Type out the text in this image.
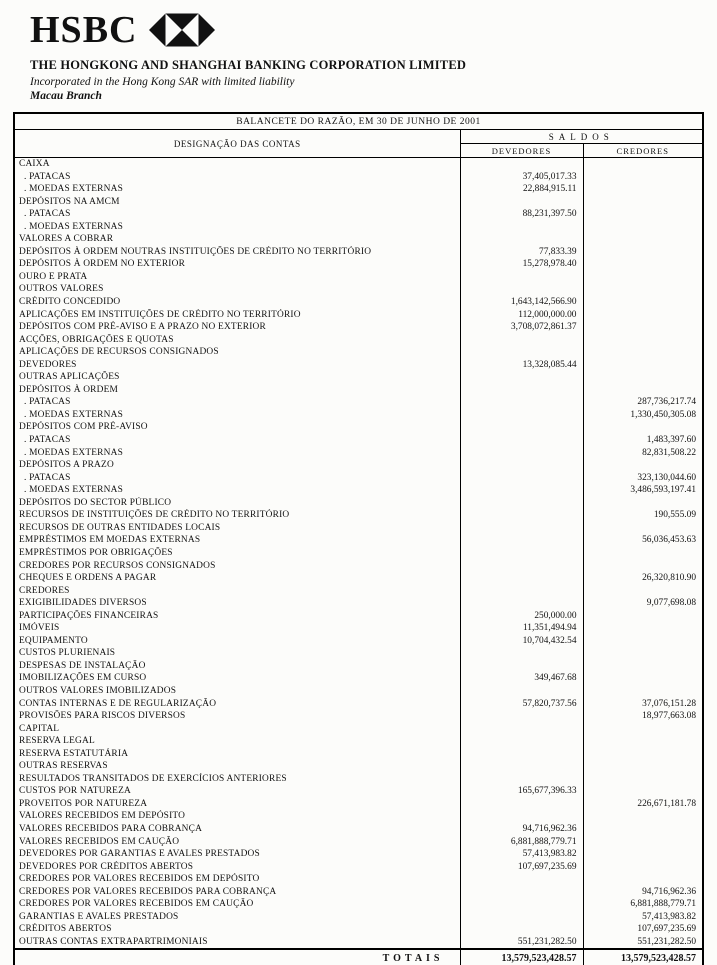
HSBC
THE HONGKONG AND SHANGHAI BANKING CORPORATION LIMITED
Incorporated in the Hong Kong SAR with limited liability
Macau Branch
BALANCETE DO RAZÃO, EM 30 DE JUNHO DE 2001		
DESIGNAÇÃO DAS CONTAS	SALDOS	
	DEVEDORES	CREDORES
CAIXA		
. PATACAS	37,405,017.33	
. MOEDAS EXTERNAS	22,884,915.11	
DEPÓSITOS NA AMCM		
. PATACAS	88,231,397.50	
. MOEDAS EXTERNAS		
VALORES A COBRAR		
DEPÓSITOS À ORDEM NOUTRAS INSTITUIÇÕES DE CRÉDITO NO TERRITÓRIO	77,833.39	
DEPÓSITOS À ORDEM NO EXTERIOR	15,278,978.40	
OURO E PRATA		
OUTROS VALORES		
CRÉDITO CONCEDIDO	1,643,142,566.90	
APLICAÇÕES EM INSTITUIÇÕES DE CRÉDITO NO TERRITÓRIO	112,000,000.00	
DEPÓSITOS COM PRÉ-AVISO E A PRAZO NO EXTERIOR	3,708,072,861.37	
ACÇÕES, OBRIGAÇÕES E QUOTAS		
APLICAÇÕES DE RECURSOS CONSIGNADOS		
DEVEDORES	13,328,085.44	
OUTRAS APLICAÇÕES		
DEPÓSITOS À ORDEM		
. PATACAS		287,736,217.74
. MOEDAS EXTERNAS		1,330,450,305.08
DEPÓSITOS COM PRÉ-AVISO		
. PATACAS		1,483,397.60
. MOEDAS EXTERNAS		82,831,508.22
DEPÓSITOS A PRAZO		
. PATACAS		323,130,044.60
. MOEDAS EXTERNAS		3,486,593,197.41
DEPÓSITOS DO SECTOR PÚBLICO		
RECURSOS DE INSTITUIÇÕES DE CRÉDITO NO TERRITÓRIO		190,555.09
RECURSOS DE OUTRAS ENTIDADES LOCAIS		
EMPRÉSTIMOS EM MOEDAS EXTERNAS		56,036,453.63
EMPRÉSTIMOS POR OBRIGAÇÕES		
CREDORES POR RECURSOS CONSIGNADOS		
CHEQUES E ORDENS A PAGAR		26,320,810.90
CREDORES		
EXIGIBILIDADES DIVERSOS		9,077,698.08
PARTICIPAÇÕES FINANCEIRAS	250,000.00	
IMÓVEIS	11,351,494.94	
EQUIPAMENTO	10,704,432.54	
CUSTOS PLURIENAIS		
DESPESAS DE INSTALAÇÃO		
IMOBILIZAÇÕES EM CURSO	349,467.68	
OUTROS VALORES IMOBILIZADOS		
CONTAS INTERNAS E DE REGULARIZAÇÃO	57,820,737.56	37,076,151.28
PROVISÕES PARA RISCOS DIVERSOS		18,977,663.08
CAPITAL		
RESERVA LEGAL		
RESERVA ESTATUTÁRIA		
OUTRAS RESERVAS		
RESULTADOS TRANSITADOS DE EXERCÍCIOS ANTERIORES		
CUSTOS POR NATUREZA	165,677,396.33	
PROVEITOS POR NATUREZA		226,671,181.78
VALORES RECEBIDOS EM DEPÓSITO		
VALORES RECEBIDOS PARA COBRANÇA	94,716,962.36	
VALORES RECEBIDOS EM CAUÇÃO	6,881,888,779.71	
DEVEDORES POR GARANTIAS E AVALES PRESTADOS	57,413,983.82	
DEVEDORES POR CRÉDITOS ABERTOS	107,697,235.69	
CREDORES POR VALORES RECEBIDOS EM DEPÓSITO		
CREDORES POR VALORES RECEBIDOS PARA COBRANÇA		94,716,962.36
CREDORES POR VALORES RECEBIDOS EM CAUÇÃO		6,881,888,779.71
GARANTIAS E AVALES PRESTADOS		57,413,983.82
CRÉDITOS ABERTOS		107,697,235.69
OUTRAS CONTAS EXTRAPARTRIMONIAIS	551,231,282.50	551,231,282.50
TOTAIS	13,579,523,428.57	13,579,523,428.57
